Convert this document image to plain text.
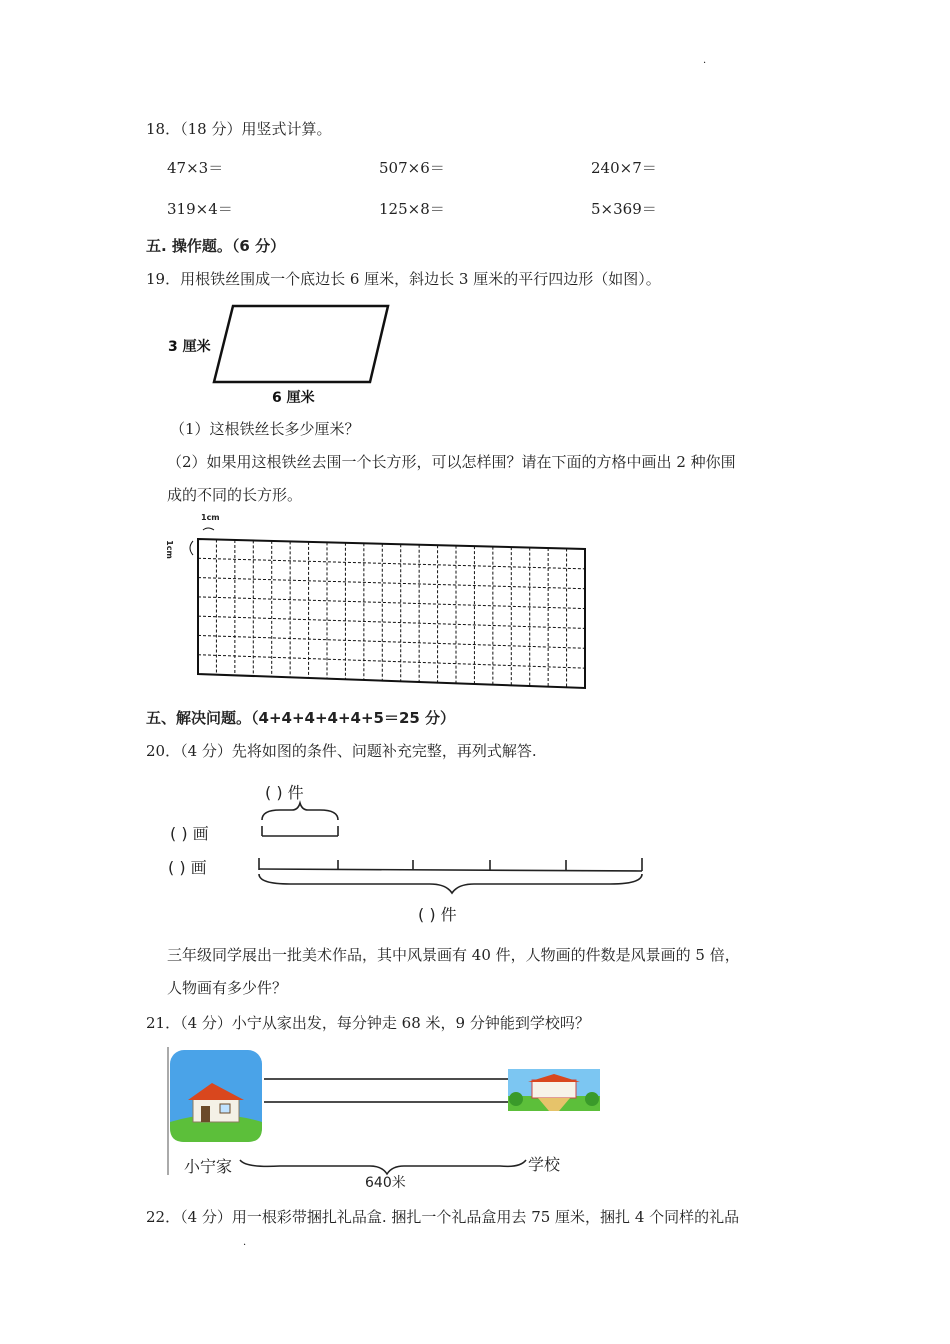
·
18．（18 分）用竖式计算。
47×3＝	507×6＝	240×7＝
319×4＝	125×8＝	5×369＝
五. 操作题。（6 分）
19．用根铁丝围成一个底边长 6 厘米，斜边长 3 厘米的平行四边形（如图）。
3 厘米
6 厘米
（1）这根铁丝长多少厘米？
（2）如果用这根铁丝去围一个长方形，可以怎样围？请在下面的方格中画出 2 种你围
成的不同的长方形。
1cm
1cm
五、解决问题。（4+4+4+4+4+5＝25 分）
20．（4 分）先将如图的条件、问题补充完整，再列式解答.
( ) 件
( ) 画
( ) 画
( ) 件
三年级同学展出一批美术作品，其中风景画有 40 件，人物画的件数是风景画的 5 倍，
人物画有多少件？
21．（4 分）小宁从家出发，每分钟走 68 米，9 分钟能到学校吗？
小宁家	学校
640米
22．（4 分）用一根彩带捆扎礼品盒. 捆扎一个礼品盒用去 75 厘米，捆扎 4 个同样的礼品
·
